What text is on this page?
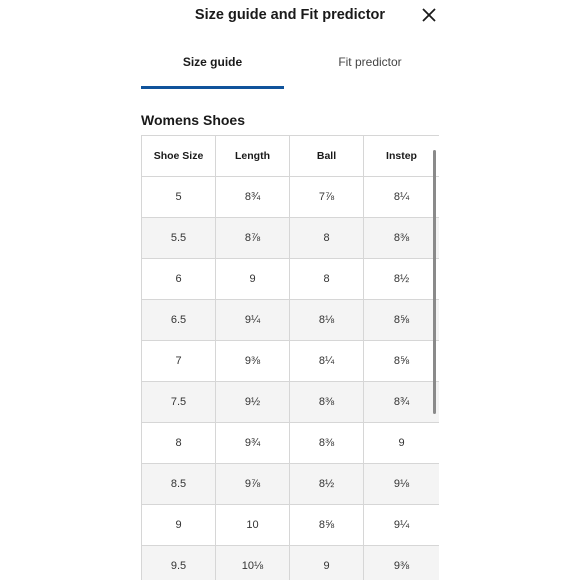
Size guide and Fit predictor
Size guide	Fit predictor
Womens Shoes
Shoe Size	Length	Ball	Instep
5	8¾	7⅞	8¼
5.5	8⅞	8	8⅜
6	9	8	8½
6.5	9¼	8⅛	8⅝
7	9⅜	8¼	8⅝
7.5	9½	8⅜	8¾
8	9¾	8⅜	9
8.5	9⅞	8½	9⅛
9	10	8⅝	9¼
9.5	10⅛	9	9⅜
